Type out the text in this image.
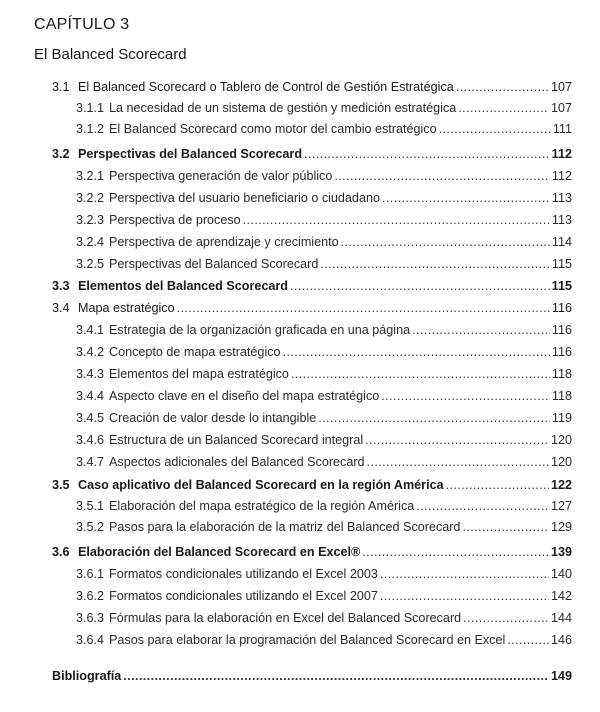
CAPÍTULO 3
El Balanced Scorecard
3.1 El Balanced Scorecard o Tablero de Control de Gestión Estratégica .....	107
3.1.1 La necesidad de un sistema de gestión y medición estratégica .....	107
3.1.2 El Balanced Scorecard como motor del cambio estratégico .....	111
3.2 Perspectivas del Balanced Scorecard .....	112
3.2.1 Perspectiva generación de valor público .....	112
3.2.2 Perspectiva del usuario beneficiario o ciudadano .....	113
3.2.3 Perspectiva de proceso .....	113
3.2.4 Perspectiva de aprendizaje y crecimiento .....	114
3.2.5 Perspectivas del Balanced Scorecard .....	115
3.3 Elementos del Balanced Scorecard .....	115
3.4 Mapa estratégico .....	116
3.4.1 Estrategia de la organización graficada en una página .....	116
3.4.2 Concepto de mapa estratégico .....	116
3.4.3 Elementos del mapa estratégico .....	118
3.4.4 Aspecto clave en el diseño del mapa estratégico .....	118
3.4.5 Creación de valor desde lo intangible .....	119
3.4.6 Estructura de un Balanced Scorecard integral .....	120
3.4.7 Aspectos adicionales del Balanced Scorecard .....	120
3.5 Caso aplicativo del Balanced Scorecard en la región América .....	122
3.5.1 Elaboración del mapa estratégico de la región América .....	127
3.5.2 Pasos para la elaboración de la matriz del Balanced Scorecard .....	129
3.6 Elaboración del Balanced Scorecard en Excel® .....	139
3.6.1 Formatos condicionales utilizando el Excel 2003 .....	140
3.6.2 Formatos condicionales utilizando el Excel 2007 .....	142
3.6.3 Fórmulas para la elaboración en Excel del Balanced Scorecard .....	144
3.6.4 Pasos para elaborar la programación del Balanced Scorecard en Excel .....	146
Bibliografía .....	149
